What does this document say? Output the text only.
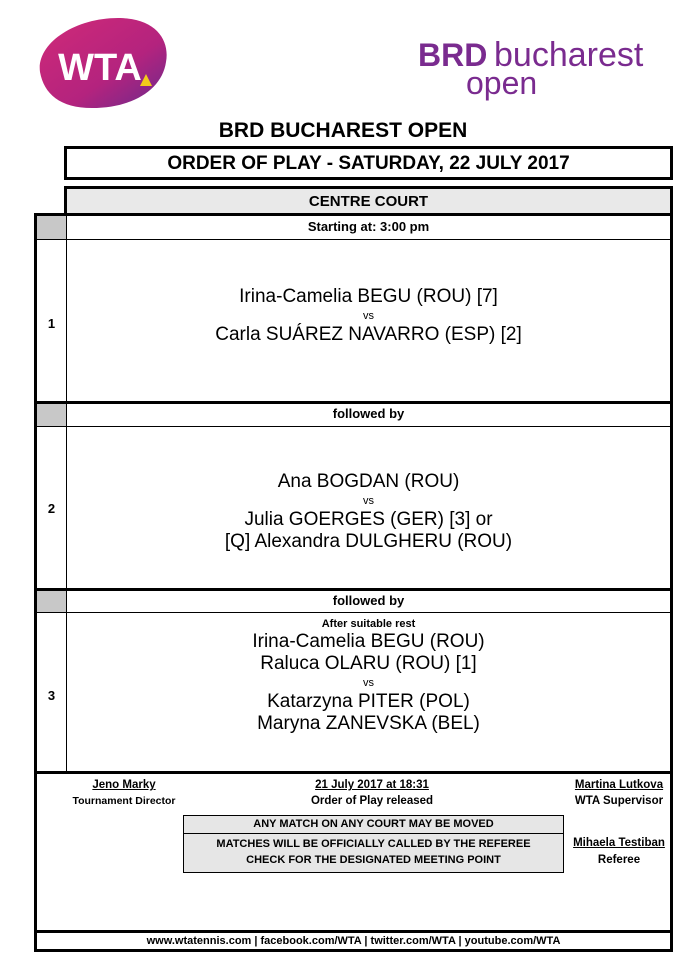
WTA	BRD bucharest
open
BRD BUCHAREST OPEN
ORDER OF PLAY - SATURDAY, 22 JULY 2017
CENTRE COURT
Starting at: 3:00 pm
1
Irina-Camelia BEGU (ROU) [7]
vs
Carla SUÁREZ NAVARRO (ESP) [2]
followed by
2
Ana BOGDAN (ROU)
vs
Julia GOERGES (GER) [3] or
[Q] Alexandra DULGHERU (ROU)
followed by
3
After suitable rest
Irina-Camelia BEGU (ROU)
Raluca OLARU (ROU) [1]
vs
Katarzyna PITER (POL)
Maryna ZANEVSKA (BEL)
Jeno Marky
Tournament Director
21 July 2017 at 18:31
Order of Play released
Martina Lutkova
WTA Supervisor
ANY MATCH ON ANY COURT MAY BE MOVED
MATCHES WILL BE OFFICIALLY CALLED BY THE REFEREE
CHECK FOR THE DESIGNATED MEETING POINT
Mihaela Testiban
Referee
www.wtatennis.com | facebook.com/WTA | twitter.com/WTA | youtube.com/WTA
